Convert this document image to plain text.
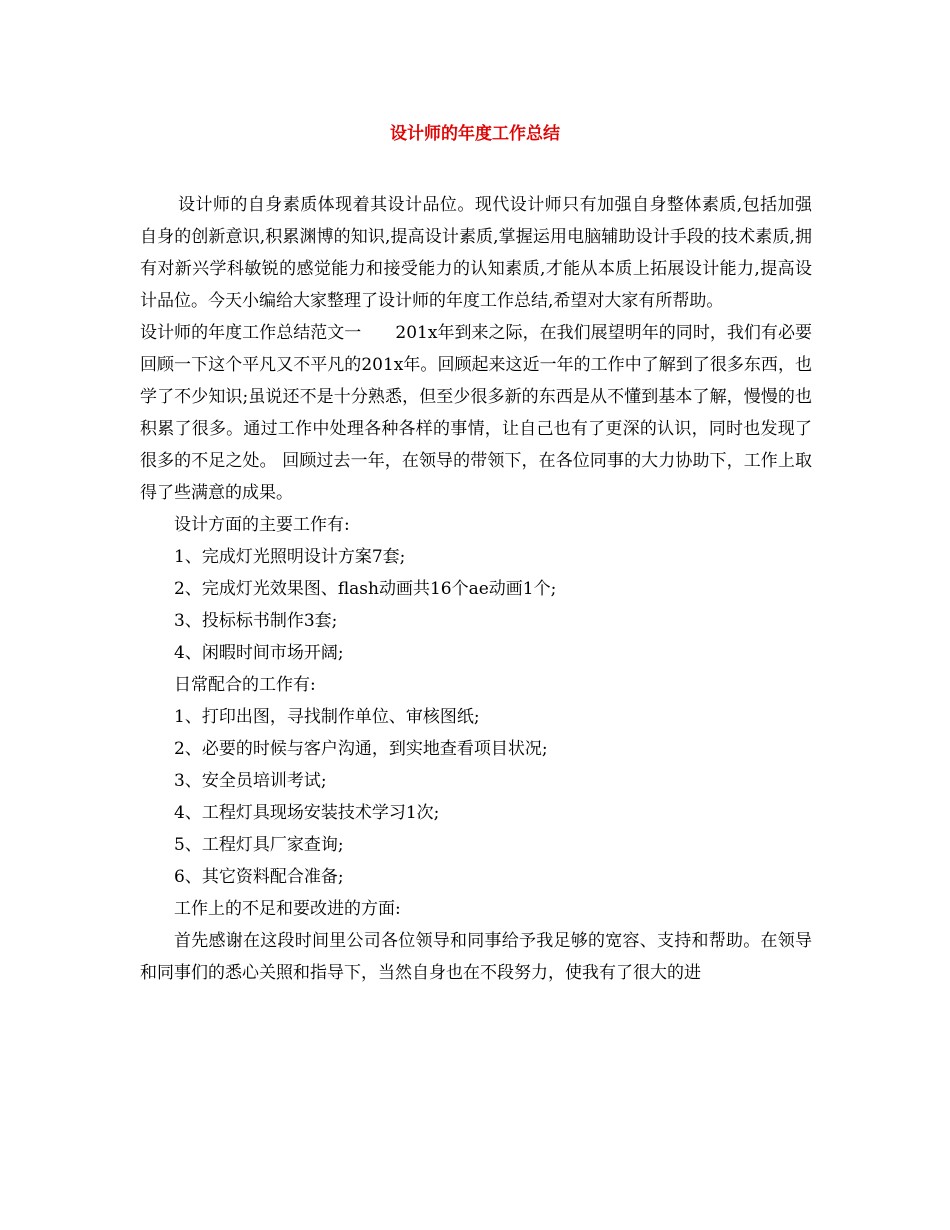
设计师的年度工作总结

设计师的自身素质体现着其设计品位。现代设计师只有加强自身整体素质,包括加强自身的创新意识,积累渊博的知识,提高设计素质,掌握运用电脑辅助设计手段的技术素质,拥有对新兴学科敏锐的感觉能力和接受能力的认知素质,才能从本质上拓展设计能力,提高设计品位。今天小编给大家整理了设计师的年度工作总结,希望对大家有所帮助。

设计师的年度工作总结范文一　　201x年到来之际，在我们展望明年的同时，我们有必要回顾一下这个平凡又不平凡的201x年。回顾起来这近一年的工作中了解到了很多东西，也学了不少知识;虽说还不是十分熟悉，但至少很多新的东西是从不懂到基本了解，慢慢的也积累了很多。通过工作中处理各种各样的事情，让自己也有了更深的认识，同时也发现了很多的不足之处。 回顾过去一年，在领导的带领下，在各位同事的大力协助下，工作上取得了些满意的成果。

设计方面的主要工作有:

1、完成灯光照明设计方案7套;

2、完成灯光效果图、flash动画共16个ae动画1个;

3、投标标书制作3套;

4、闲暇时间市场开阔;

日常配合的工作有:

1、打印出图，寻找制作单位、审核图纸;

2、必要的时候与客户沟通，到实地查看项目状况;

3、安全员培训考试;

4、工程灯具现场安装技术学习1次;

5、工程灯具厂家查询;

6、其它资料配合准备;

工作上的不足和要改进的方面:

首先感谢在这段时间里公司各位领导和同事给予我足够的宽容、支持和帮助。在领导和同事们的悉心关照和指导下，当然自身也在不段努力，使我有了很大的进
